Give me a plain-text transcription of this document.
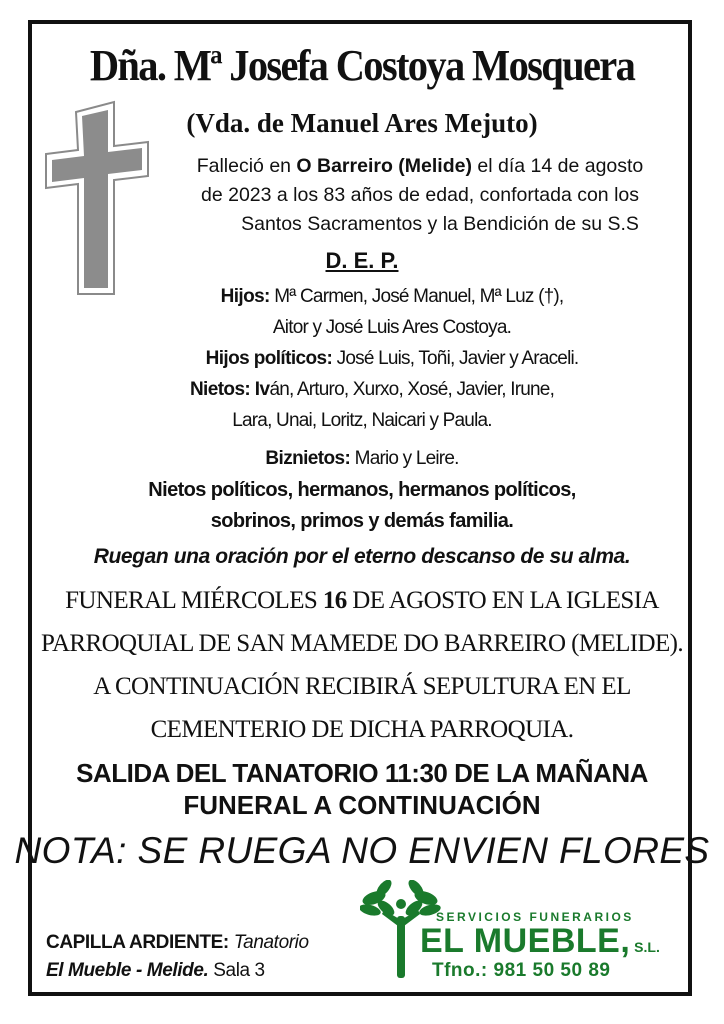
Dña. Mª Josefa Costoya Mosquera
(Vda. de Manuel Ares Mejuto)
Falleció en O Barreiro (Melide) el día 14 de agosto
de 2023 a los 83 años de edad, confortada con los
Santos Sacramentos y la Bendición de su S.S
D. E. P.
Hijos: Mª Carmen, José Manuel, Mª Luz (†),
Aitor y José Luis Ares Costoya.
Hijos políticos: José Luis, Toñi, Javier y Araceli.
Nietos: Iván, Arturo, Xurxo, Xosé, Javier, Irune,
Lara, Unai, Loritz, Naicari y Paula.
Biznietos: Mario y Leire.
Nietos políticos, hermanos, hermanos políticos,
sobrinos, primos y demás familia.
Ruegan una oración por el eterno descanso de su alma.
FUNERAL MIÉRCOLES 16 DE AGOSTO EN LA IGLESIA
PARROQUIAL DE SAN MAMEDE DO BARREIRO (MELIDE).
A CONTINUACIÓN RECIBIRÁ SEPULTURA EN EL
CEMENTERIO DE DICHA PARROQUIA.
SALIDA DEL TANATORIO 11:30 DE LA MAÑANA
FUNERAL A CONTINUACIÓN
NOTA: SE RUEGA NO ENVIEN FLORES
CAPILLA ARDIENTE: Tanatorio
El Mueble - Melide. Sala 3
SERVICIOS FUNERARIOS
EL MUEBLE, S.L.
Tfno.: 981 50 50 89
